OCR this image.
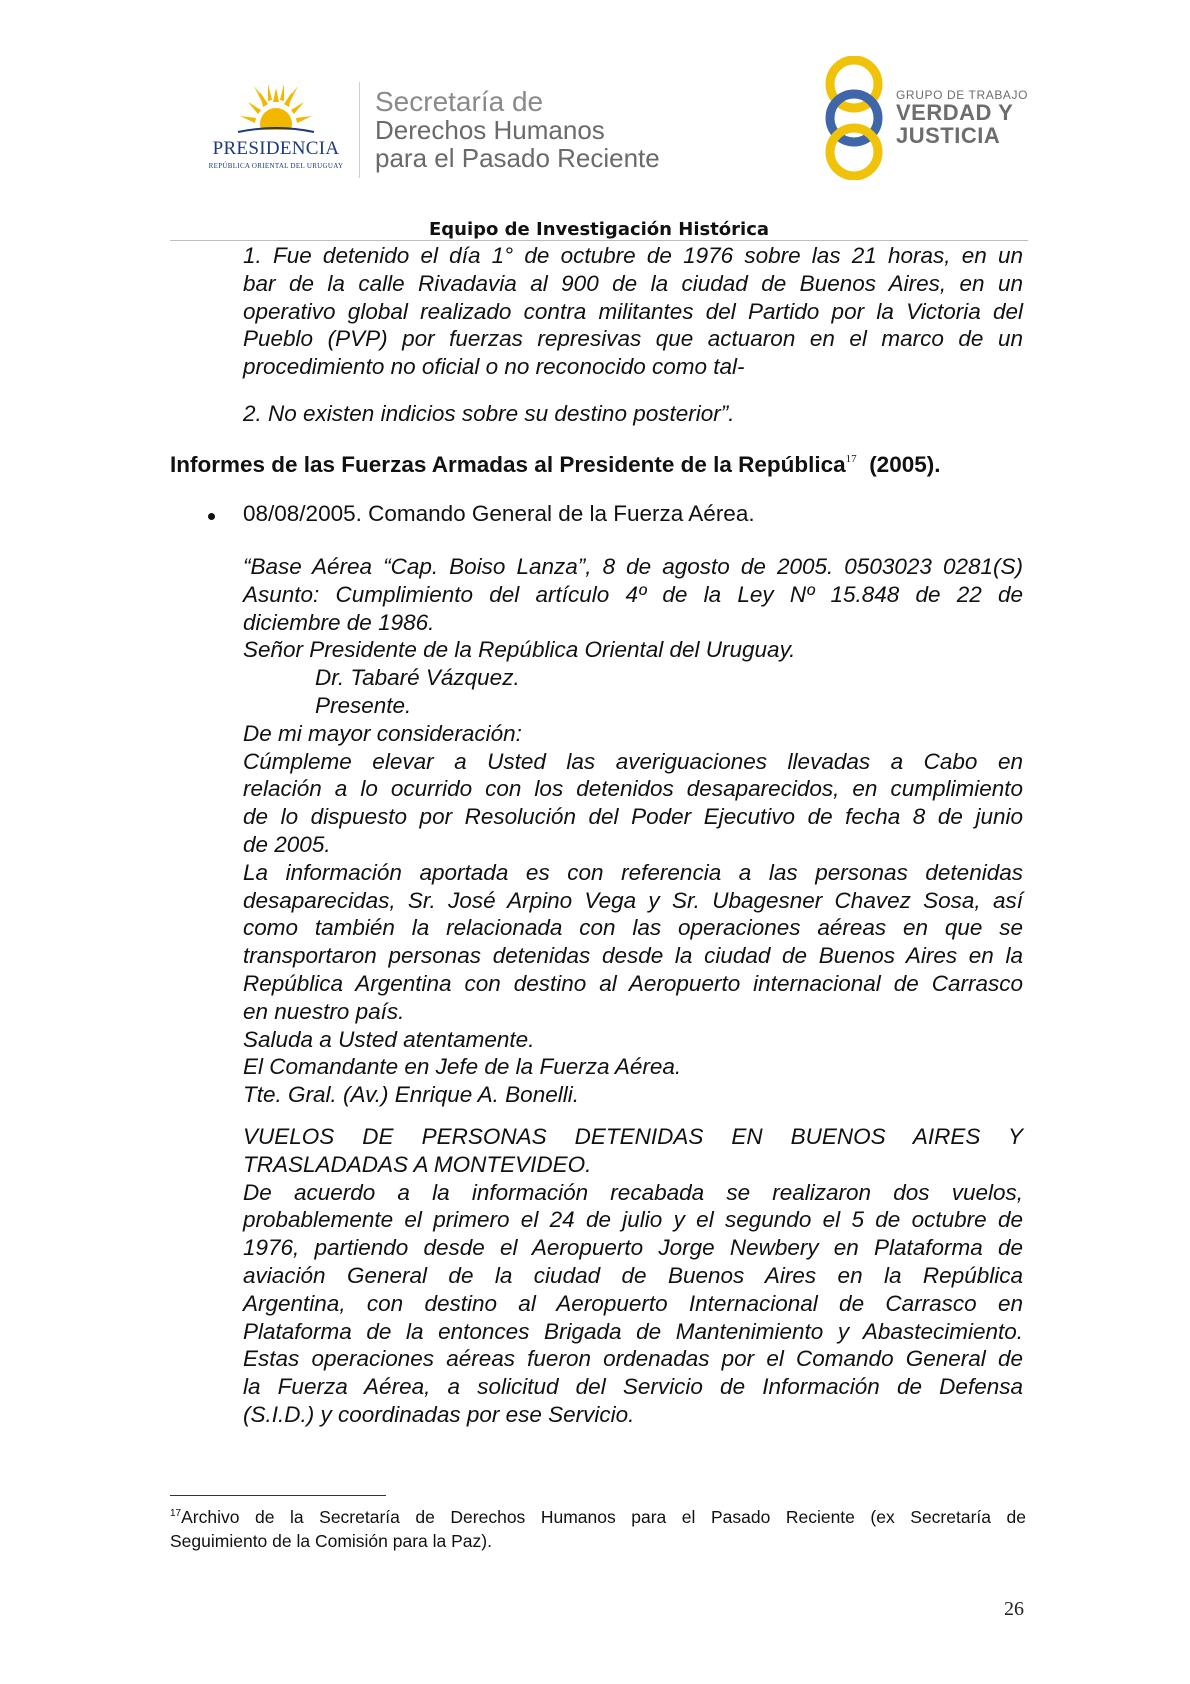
PRESIDENCIA
REPÚBLICA ORIENTAL DEL URUGUAY
Secretaría de
Derechos Humanos
para el Pasado Reciente
GRUPO DE TRABAJO
VERDAD Y
JUSTICIA
Equipo de Investigación Histórica
1. Fue detenido el día 1° de octubre de 1976 sobre las 21 horas, en un
bar de la calle Rivadavia al 900 de la ciudad de Buenos Aires, en un
operativo global realizado contra militantes del Partido por la Victoria del
Pueblo (PVP) por fuerzas represivas que actuaron en el marco de un
procedimiento no oficial o no reconocido como tal-
2. No existen indicios sobre su destino posterior”.
Informes de las Fuerzas Armadas al Presidente de la República$^{17}$ (2005).
08/08/2005. Comando General de la Fuerza Aérea.
“Base Aérea “Cap. Boiso Lanza”, 8 de agosto de 2005. 0503023 0281(S)
Asunto: Cumplimiento del artículo 4º de la Ley Nº 15.848 de 22 de
diciembre de 1986.
Señor Presidente de la República Oriental del Uruguay.
Dr. Tabaré Vázquez.
Presente.
De mi mayor consideración:
Cúmpleme elevar a Usted las averiguaciones llevadas a Cabo en
relación a lo ocurrido con los detenidos desaparecidos, en cumplimiento
de lo dispuesto por Resolución del Poder Ejecutivo de fecha 8 de junio
de 2005.
La información aportada es con referencia a las personas detenidas
desaparecidas, Sr. José Arpino Vega y Sr. Ubagesner Chavez Sosa, así
como también la relacionada con las operaciones aéreas en que se
transportaron personas detenidas desde la ciudad de Buenos Aires en la
República Argentina con destino al Aeropuerto internacional de Carrasco
en nuestro país.
Saluda a Usted atentamente.
El Comandante en Jefe de la Fuerza Aérea.
Tte. Gral. (Av.) Enrique A. Bonelli.
VUELOS DE PERSONAS DETENIDAS EN BUENOS AIRES Y
TRASLADADAS A MONTEVIDEO.
De acuerdo a la información recabada se realizaron dos vuelos,
probablemente el primero el 24 de julio y el segundo el 5 de octubre de
1976, partiendo desde el Aeropuerto Jorge Newbery en Plataforma de
aviación General de la ciudad de Buenos Aires en la República
Argentina, con destino al Aeropuerto Internacional de Carrasco en
Plataforma de la entonces Brigada de Mantenimiento y Abastecimiento.
Estas operaciones aéreas fueron ordenadas por el Comando General de
la Fuerza Aérea, a solicitud del Servicio de Información de Defensa
(S.I.D.) y coordinadas por ese Servicio.
$^{17}$Archivo de la Secretaría de Derechos Humanos para el Pasado Reciente (ex Secretaría de
Seguimiento de la Comisión para la Paz).
26
